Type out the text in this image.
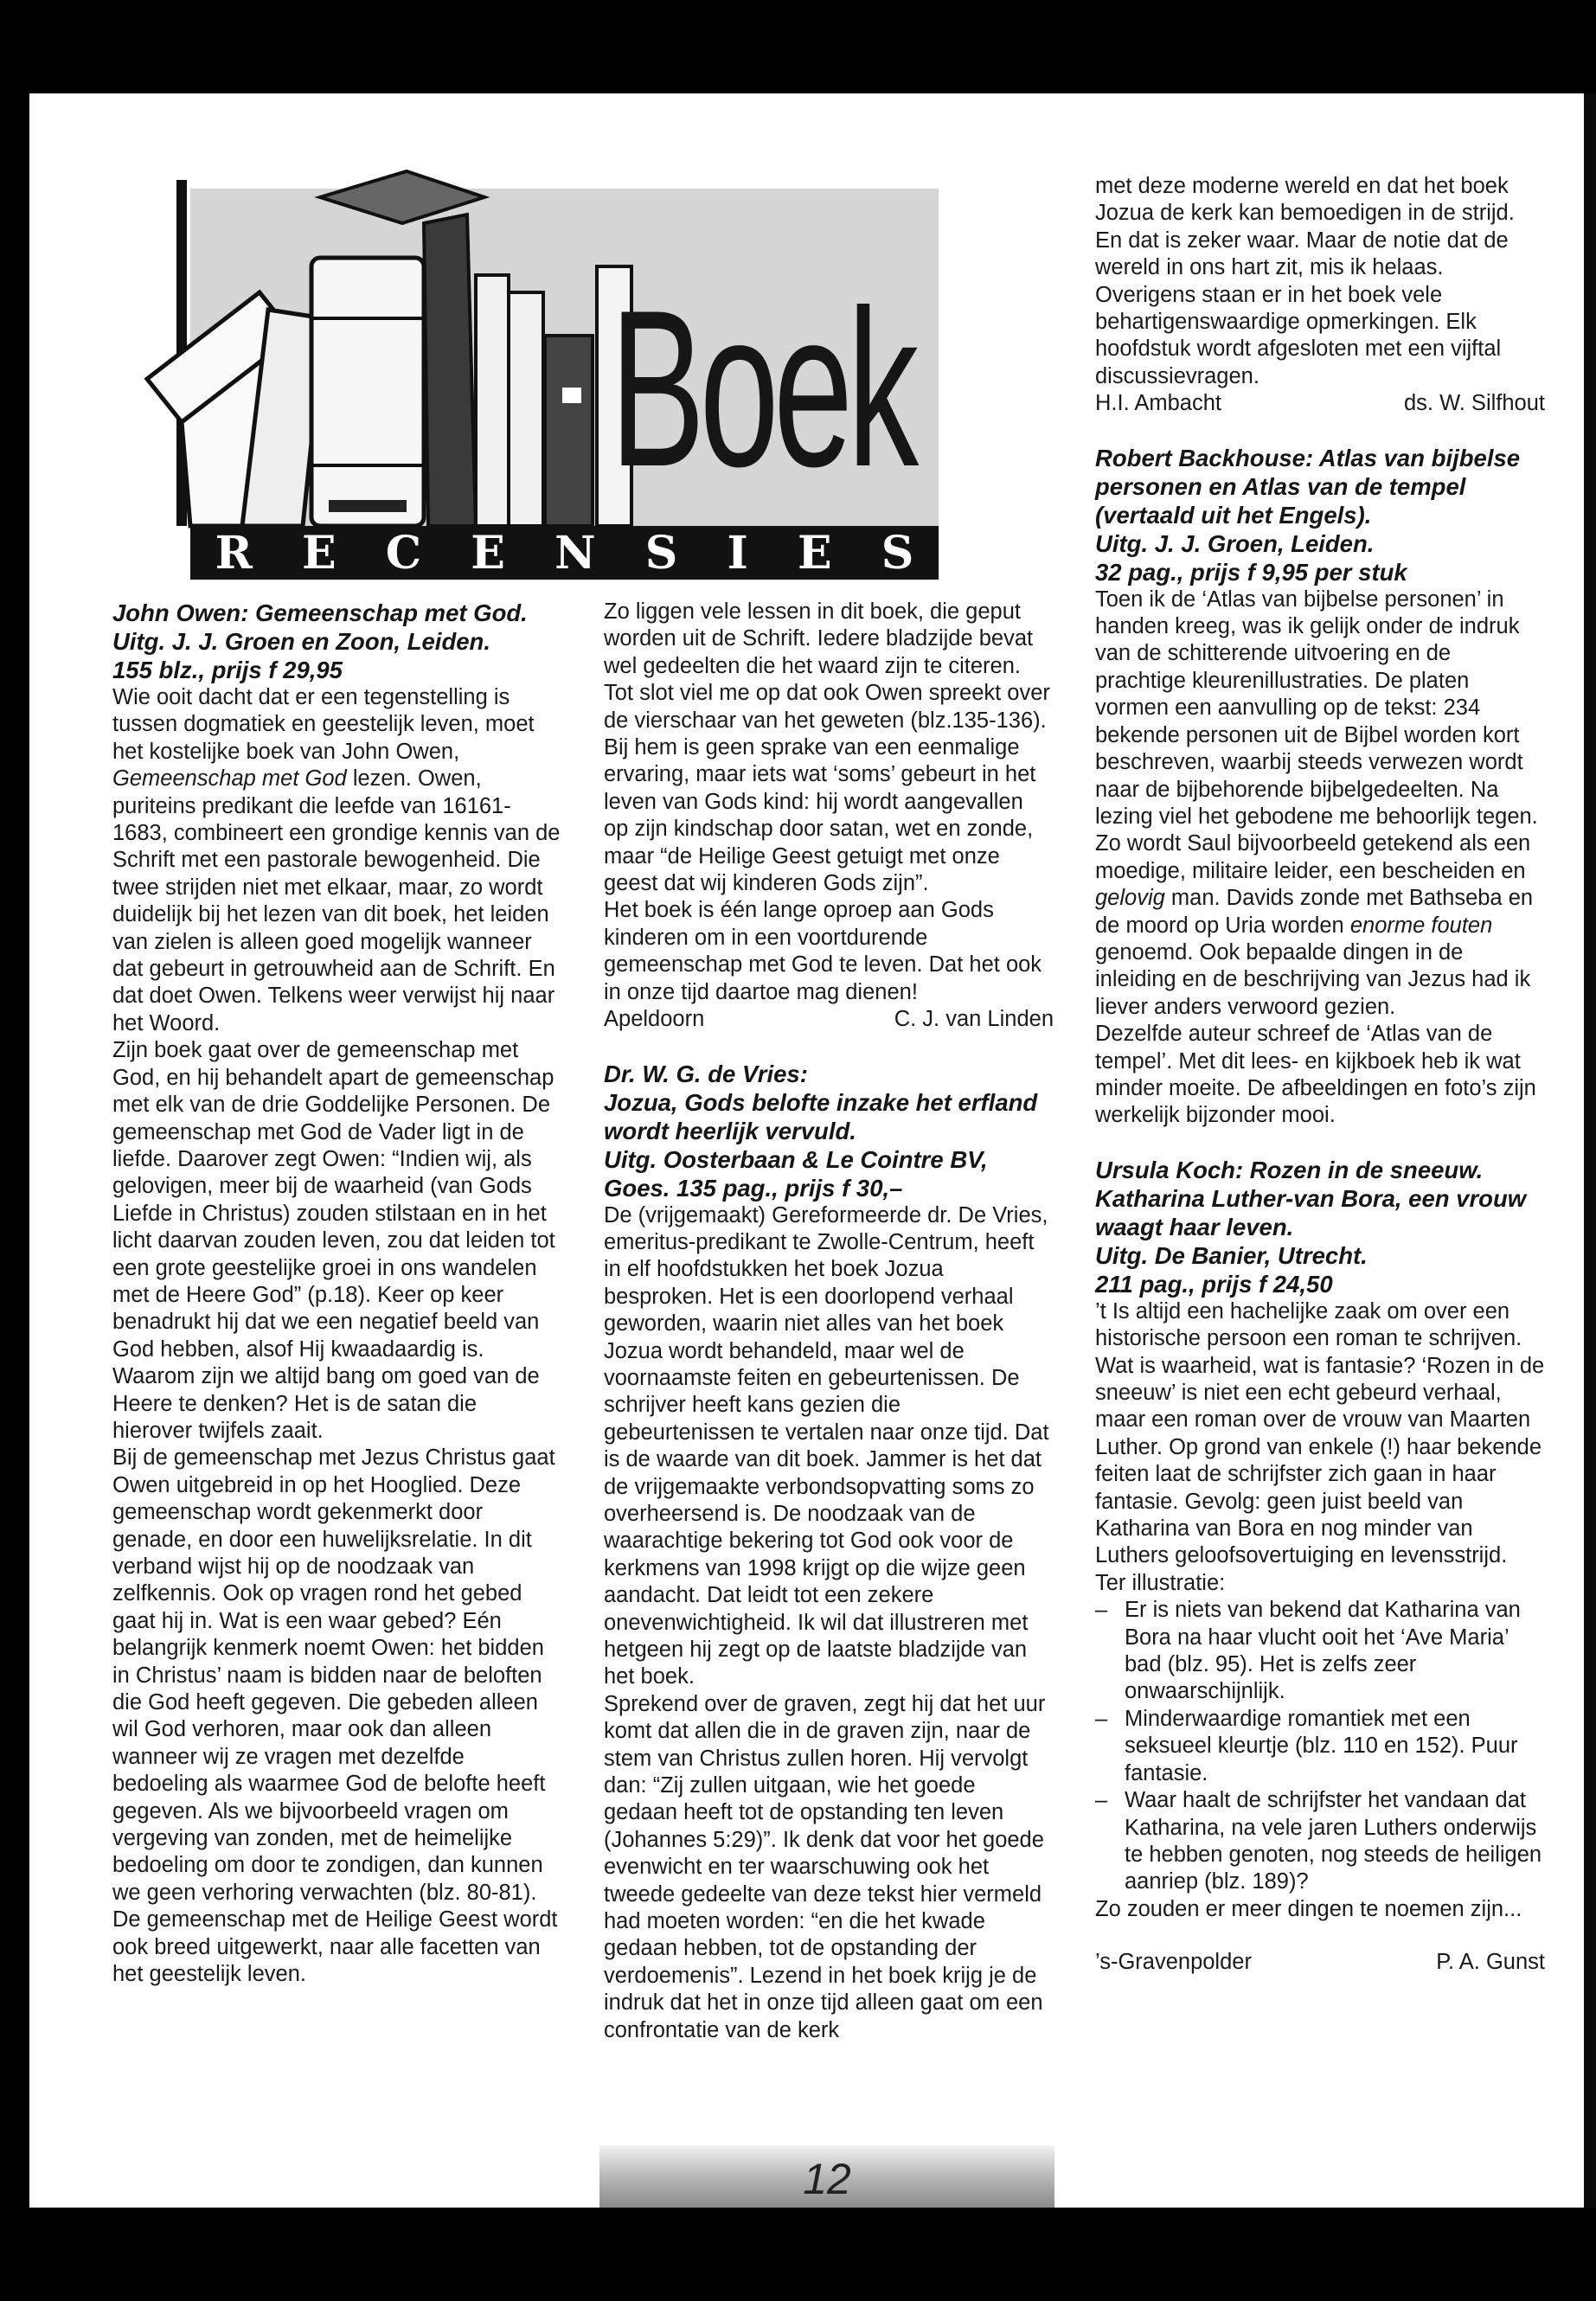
Boek
R E C E N S I E S

John Owen: Gemeenschap met God.

Uitg. J. J. Groen en Zoon, Leiden.

155 blz., prijs f 29,95

Wie ooit dacht dat er een tegenstelling is tussen dogmatiek en geestelijk leven, moet het kostelijke boek van John Owen, Gemeenschap met God lezen. Owen, puriteins predikant die leefde van 16161-1683, combineert een grondige kennis van de Schrift met een pastorale bewogenheid. Die twee strijden niet met elkaar, maar, zo wordt duidelijk bij het lezen van dit boek, het leiden van zielen is alleen goed mogelijk wanneer dat gebeurt in getrouwheid aan de Schrift. En dat doet Owen. Telkens weer verwijst hij naar het Woord.

Zijn boek gaat over de gemeenschap met God, en hij behandelt apart de gemeenschap met elk van de drie Goddelijke Personen. De gemeenschap met God de Vader ligt in de liefde. Daarover zegt Owen: “Indien wij, als gelovigen, meer bij de waarheid (van Gods Liefde in Christus) zouden stilstaan en in het licht daarvan zouden leven, zou dat leiden tot een grote geestelijke groei in ons wandelen met de Heere God” (p.18). Keer op keer benadrukt hij dat we een negatief beeld van God hebben, alsof Hij kwaadaardig is. Waarom zijn we altijd bang om goed van de Heere te denken? Het is de satan die hierover twijfels zaait.

Bij de gemeenschap met Jezus Christus gaat Owen uitgebreid in op het Hooglied. Deze gemeenschap wordt gekenmerkt door genade, en door een huwelijksrelatie. In dit verband wijst hij op de noodzaak van zelfkennis. Ook op vragen rond het gebed gaat hij in. Wat is een waar gebed? Eén belangrijk kenmerk noemt Owen: het bidden in Christus’ naam is bidden naar de beloften die God heeft gegeven. Die gebeden alleen wil God verhoren, maar ook dan alleen wanneer wij ze vragen met dezelfde bedoeling als waarmee God de belofte heeft gegeven. Als we bijvoorbeeld vragen om vergeving van zonden, met de heimelijke bedoeling om door te zondigen, dan kunnen we geen verhoring verwachten (blz. 80-81). De gemeenschap met de Heilige Geest wordt ook breed uitgewerkt, naar alle facetten van het geestelijk leven.

Zo liggen vele lessen in dit boek, die geput worden uit de Schrift. Iedere bladzijde bevat wel gedeelten die het waard zijn te citeren. Tot slot viel me op dat ook Owen spreekt over de vierschaar van het geweten (blz.135-136). Bij hem is geen sprake van een eenmalige ervaring, maar iets wat ‘soms’ gebeurt in het leven van Gods kind: hij wordt aangevallen op zijn kindschap door satan, wet en zonde, maar “de Heilige Geest getuigt met onze geest dat wij kinderen Gods zijn”.

Het boek is één lange oproep aan Gods kinderen om in een voortdurende gemeenschap met God te leven. Dat het ook in onze tijd daartoe mag dienen!

Apeldoorn	C. J. van Linden

Dr. W. G. de Vries:

Jozua, Gods belofte inzake het erfland wordt heerlijk vervuld.

Uitg. Oosterbaan & Le Cointre BV, Goes. 135 pag., prijs f 30,–

De (vrijgemaakt) Gereformeerde dr. De Vries, emeritus-predikant te Zwolle-Centrum, heeft in elf hoofdstukken het boek Jozua besproken. Het is een doorlopend verhaal geworden, waarin niet alles van het boek Jozua wordt behandeld, maar wel de voornaamste feiten en gebeurtenissen. De schrijver heeft kans gezien die gebeurtenissen te vertalen naar onze tijd. Dat is de waarde van dit boek. Jammer is het dat de vrijgemaakte verbondsopvatting soms zo overheersend is. De noodzaak van de waarachtige bekering tot God ook voor de kerkmens van 1998 krijgt op die wijze geen aandacht. Dat leidt tot een zekere onevenwichtigheid. Ik wil dat illustreren met hetgeen hij zegt op de laatste bladzijde van het boek.

Sprekend over de graven, zegt hij dat het uur komt dat allen die in de graven zijn, naar de stem van Christus zullen horen. Hij vervolgt dan: “Zij zullen uitgaan, wie het goede gedaan heeft tot de opstanding ten leven (Johannes 5:29)”. Ik denk dat voor het goede evenwicht en ter waarschuwing ook het tweede gedeelte van deze tekst hier vermeld had moeten worden: “en die het kwade gedaan hebben, tot de opstanding der verdoemenis”. Lezend in het boek krijg je de indruk dat het in onze tijd alleen gaat om een confrontatie van de kerk

met deze moderne wereld en dat het boek Jozua de kerk kan bemoedigen in de strijd. En dat is zeker waar. Maar de notie dat de wereld in ons hart zit, mis ik helaas. Overigens staan er in het boek vele behartigenswaardige opmerkingen. Elk hoofdstuk wordt afgesloten met een vijftal discussievragen.

H.I. Ambacht	ds. W. Silfhout

Robert Backhouse: Atlas van bijbelse personen en Atlas van de tempel (vertaald uit het Engels).

Uitg. J. J. Groen, Leiden.

32 pag., prijs f 9,95 per stuk

Toen ik de ‘Atlas van bijbelse personen’ in handen kreeg, was ik gelijk onder de indruk van de schitterende uitvoering en de prachtige kleurenillustraties. De platen vormen een aanvulling op de tekst: 234 bekende personen uit de Bijbel worden kort beschreven, waarbij steeds verwezen wordt naar de bijbehorende bijbelgedeelten. Na lezing viel het gebodene me behoorlijk tegen. Zo wordt Saul bijvoorbeeld getekend als een moedige, militaire leider, een bescheiden en gelovig man. Davids zonde met Bathseba en de moord op Uria worden enorme fouten genoemd. Ook bepaalde dingen in de inleiding en de beschrijving van Jezus had ik liever anders verwoord gezien.

Dezelfde auteur schreef de ‘Atlas van de tempel’. Met dit lees- en kijkboek heb ik wat minder moeite. De afbeeldingen en foto’s zijn werkelijk bijzonder mooi.

Ursula Koch: Rozen in de sneeuw.

Katharina Luther-van Bora, een vrouw waagt haar leven.

Uitg. De Banier, Utrecht.

211 pag., prijs f 24,50

’t Is altijd een hachelijke zaak om over een historische persoon een roman te schrijven. Wat is waarheid, wat is fantasie? ‘Rozen in de sneeuw’ is niet een echt gebeurd verhaal, maar een roman over de vrouw van Maarten Luther. Op grond van enkele (!) haar bekende feiten laat de schrijfster zich gaan in haar fantasie. Gevolg: geen juist beeld van Katharina van Bora en nog minder van Luthers geloofsovertuiging en levensstrijd.

Ter illustratie:

– Er is niets van bekend dat Katharina van Bora na haar vlucht ooit het ‘Ave Maria’ bad (blz. 95). Het is zelfs zeer onwaarschijnlijk.
– Minderwaardige romantiek met een seksueel kleurtje (blz. 110 en 152). Puur fantasie.
– Waar haalt de schrijfster het vandaan dat Katharina, na vele jaren Luthers onderwijs te hebben genoten, nog steeds de heiligen aanriep (blz. 189)?

Zo zouden er meer dingen te noemen zijn...

’s-Gravenpolder	P. A. Gunst
12
